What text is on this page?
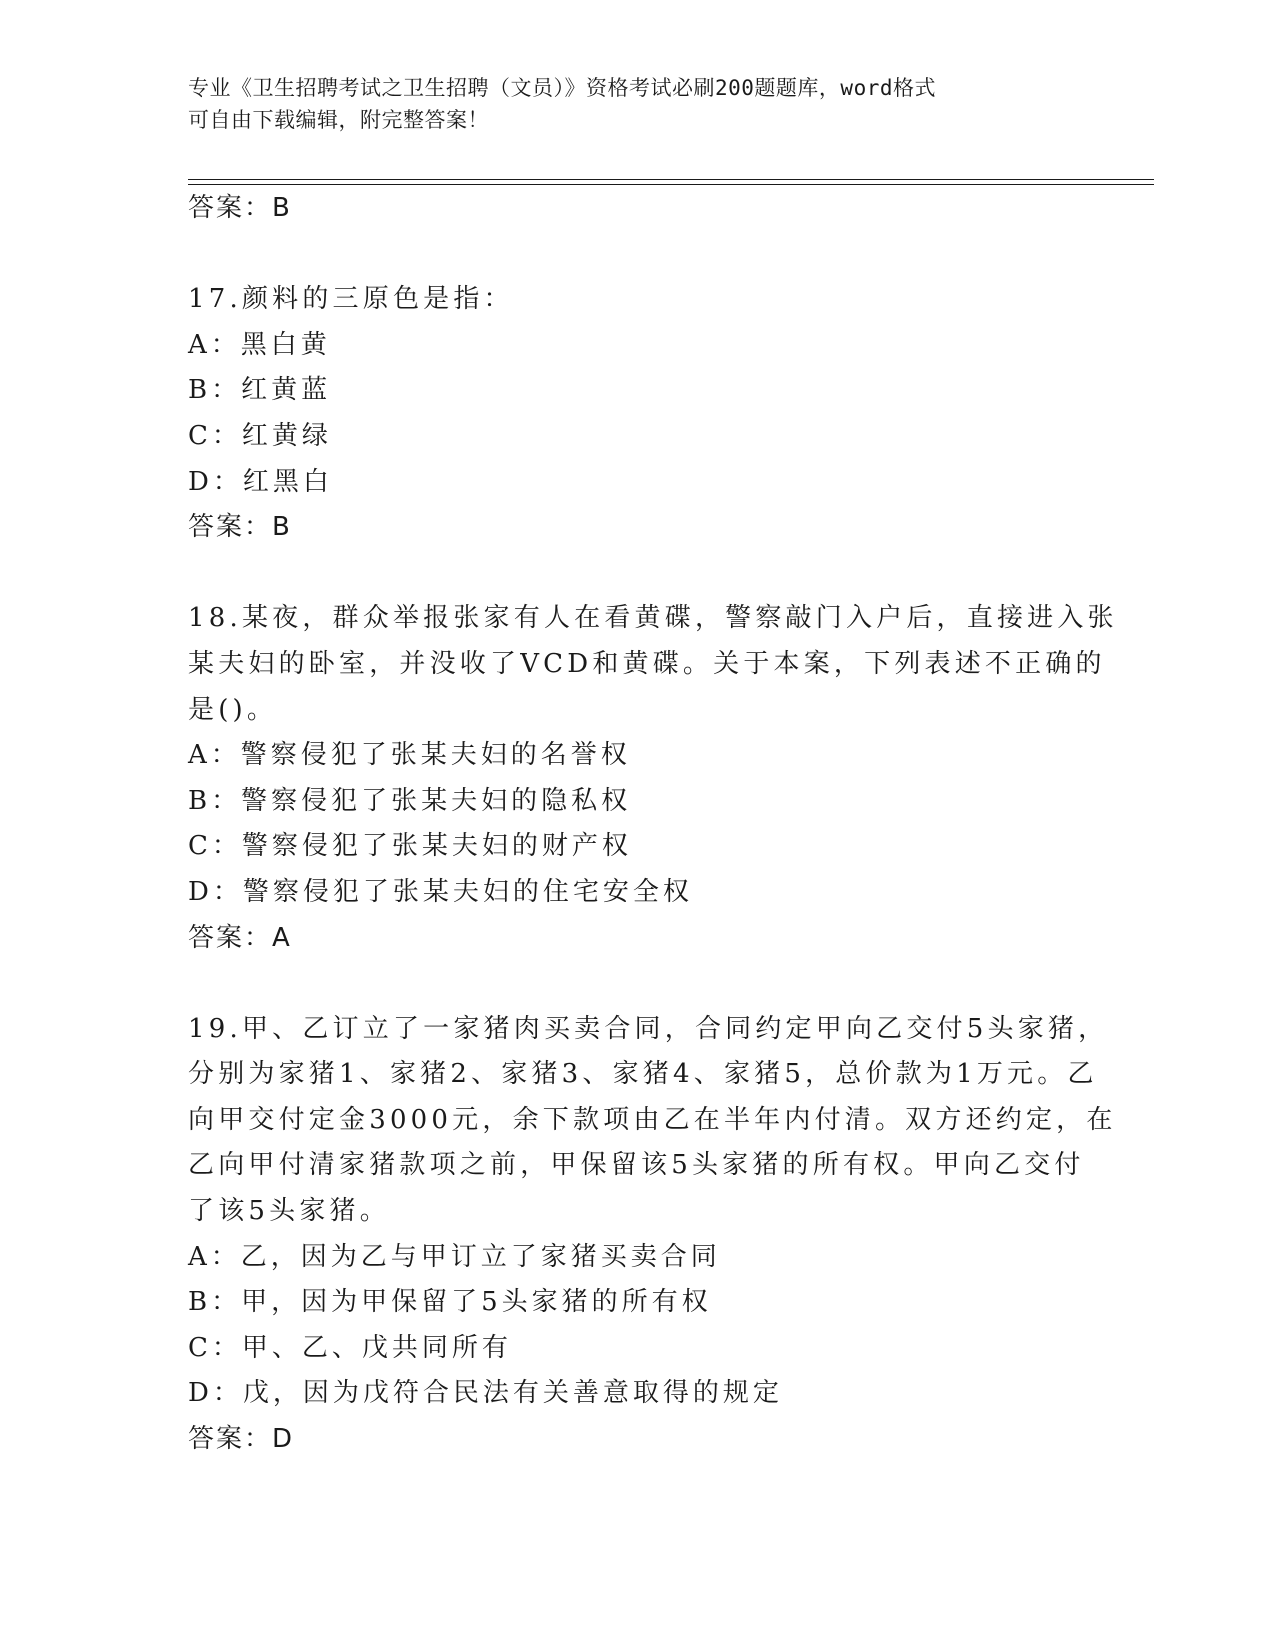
专业《卫生招聘考试之卫生招聘（文员）》资格考试必刷200题题库，word格式
可自由下载编辑，附完整答案！
答案：B
17.颜料的三原色是指：
A：黑白黄
B：红黄蓝
C：红黄绿
D：红黑白
答案：B
18.某夜，群众举报张家有人在看黄碟，警察敲门入户后，直接进入张
某夫妇的卧室，并没收了VCD和黄碟。关于本案，下列表述不正确的
是()。
A：警察侵犯了张某夫妇的名誉权
B：警察侵犯了张某夫妇的隐私权
C：警察侵犯了张某夫妇的财产权
D：警察侵犯了张某夫妇的住宅安全权
答案：A
19.甲、乙订立了一家猪肉买卖合同，合同约定甲向乙交付5头家猪，
分别为家猪1、家猪2、家猪3、家猪4、家猪5，总价款为1万元。乙
向甲交付定金3000元，余下款项由乙在半年内付清。双方还约定，在
乙向甲付清家猪款项之前，甲保留该5头家猪的所有权。甲向乙交付
了该5头家猪。
A：乙，因为乙与甲订立了家猪买卖合同
B：甲，因为甲保留了5头家猪的所有权
C：甲、乙、戊共同所有
D：戊，因为戊符合民法有关善意取得的规定
答案：D
